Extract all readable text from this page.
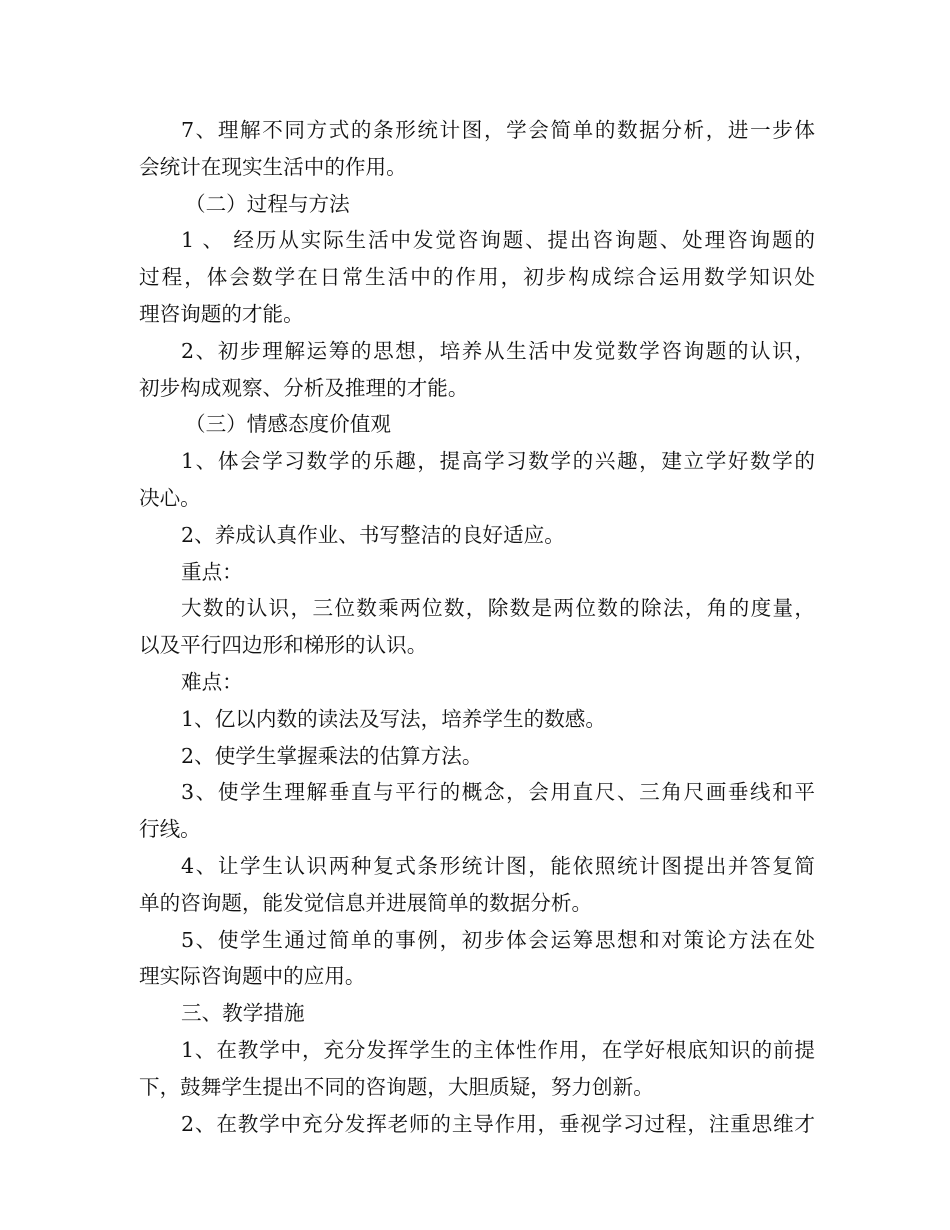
7、理解不同方式的条形统计图，学会简单的数据分析，进一步体
会统计在现实生活中的作用。
（二）过程与方法
1 、 经历从实际生活中发觉咨询题、提出咨询题、处理咨询题的
过程，体会数学在日常生活中的作用，初步构成综合运用数学知识处
理咨询题的才能。
2、初步理解运筹的思想，培养从生活中发觉数学咨询题的认识，
初步构成观察、分析及推理的才能。
（三）情感态度价值观
1、体会学习数学的乐趣，提高学习数学的兴趣，建立学好数学的
决心。
2、养成认真作业、书写整洁的良好适应。
重点：
大数的认识，三位数乘两位数，除数是两位数的除法，角的度量，
以及平行四边形和梯形的认识。
难点：
1、亿以内数的读法及写法，培养学生的数感。
2、使学生掌握乘法的估算方法。
3、使学生理解垂直与平行的概念，会用直尺、三角尺画垂线和平
行线。
4、让学生认识两种复式条形统计图，能依照统计图提出并答复简
单的咨询题，能发觉信息并进展简单的数据分析。
5、使学生通过简单的事例，初步体会运筹思想和对策论方法在处
理实际咨询题中的应用。
三、教学措施
1、在教学中，充分发挥学生的主体性作用，在学好根底知识的前提
下，鼓舞学生提出不同的咨询题，大胆质疑，努力创新。
2、在教学中充分发挥老师的主导作用，垂视学习过程，注重思维才
